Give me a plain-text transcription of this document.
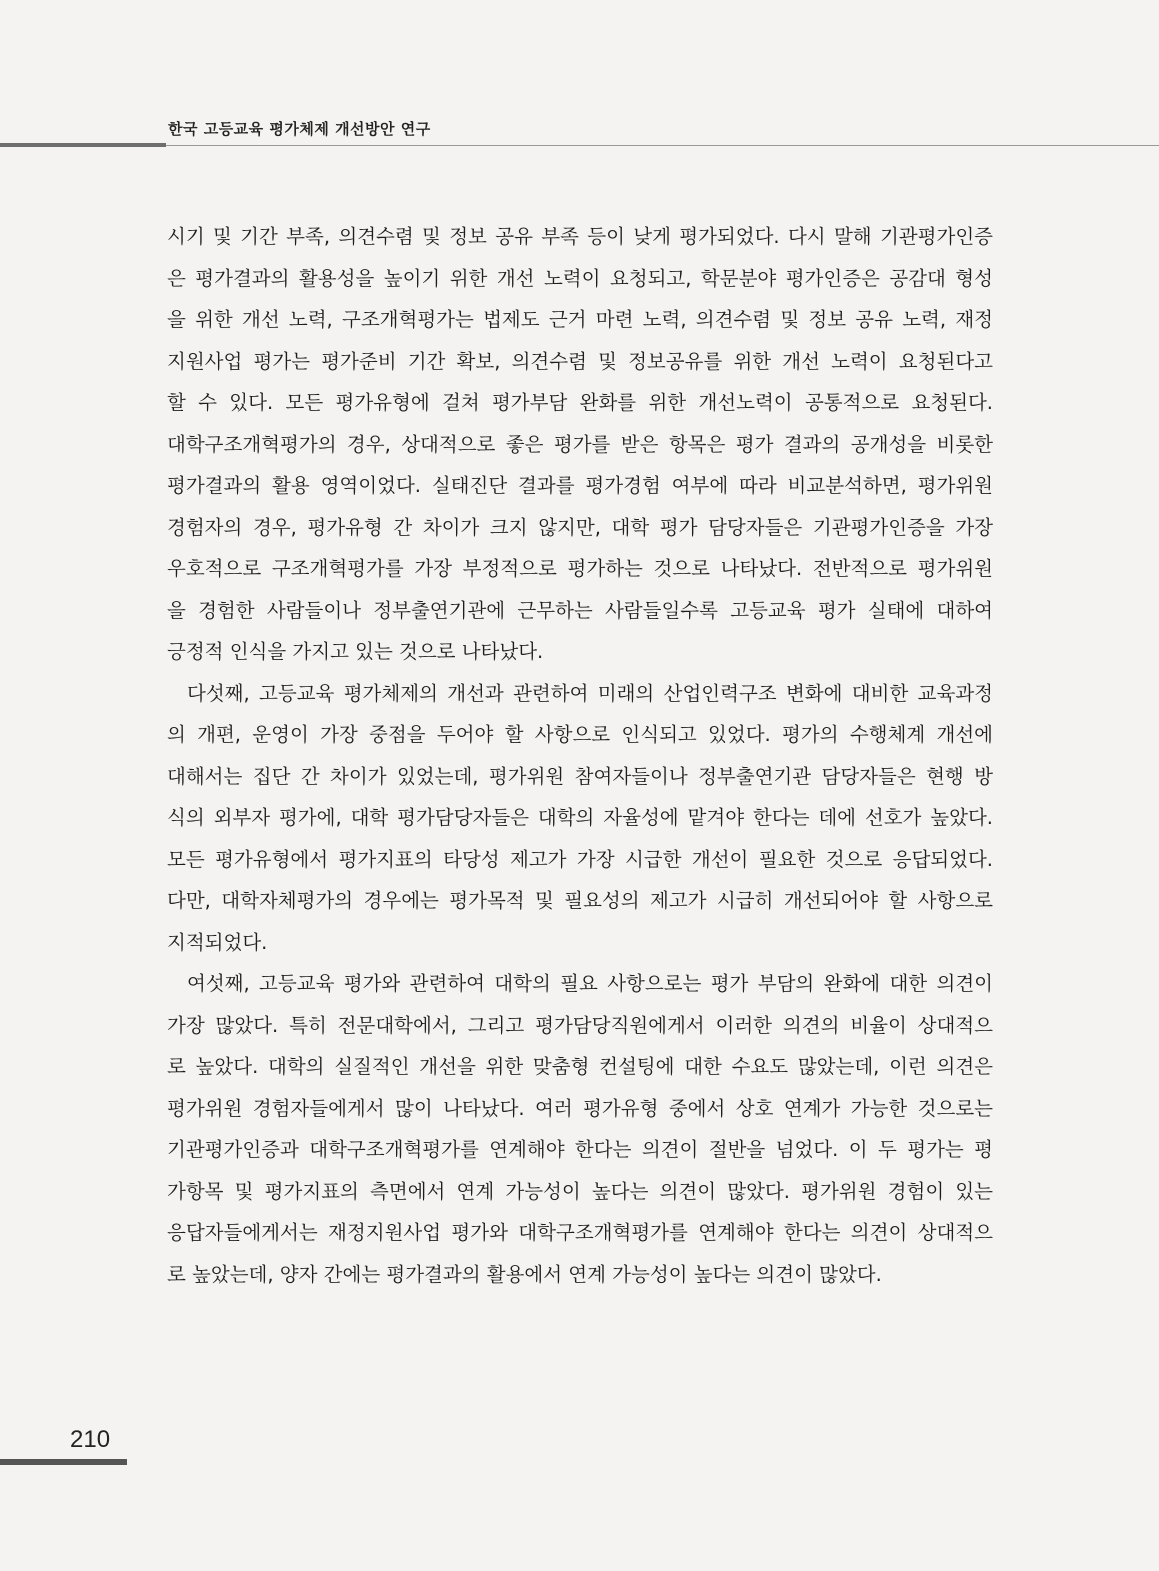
한국 고등교육 평가체제 개선방안 연구
시기 및 기간 부족, 의견수렴 및 정보 공유 부족 등이 낮게 평가되었다. 다시 말해 기관평가인증
은 평가결과의 활용성을 높이기 위한 개선 노력이 요청되고, 학문분야 평가인증은 공감대 형성
을 위한 개선 노력, 구조개혁평가는 법제도 근거 마련 노력, 의견수렴 및 정보 공유 노력, 재정
지원사업 평가는 평가준비 기간 확보, 의견수렴 및 정보공유를 위한 개선 노력이 요청된다고
할 수 있다. 모든 평가유형에 걸쳐 평가부담 완화를 위한 개선노력이 공통적으로 요청된다.
대학구조개혁평가의 경우, 상대적으로 좋은 평가를 받은 항목은 평가 결과의 공개성을 비롯한
평가결과의 활용 영역이었다. 실태진단 결과를 평가경험 여부에 따라 비교분석하면, 평가위원
경험자의 경우, 평가유형 간 차이가 크지 않지만, 대학 평가 담당자들은 기관평가인증을 가장
우호적으로 구조개혁평가를 가장 부정적으로 평가하는 것으로 나타났다. 전반적으로 평가위원
을 경험한 사람들이나 정부출연기관에 근무하는 사람들일수록 고등교육 평가 실태에 대하여
긍정적 인식을 가지고 있는 것으로 나타났다.
다섯째, 고등교육 평가체제의 개선과 관련하여 미래의 산업인력구조 변화에 대비한 교육과정
의 개편, 운영이 가장 중점을 두어야 할 사항으로 인식되고 있었다. 평가의 수행체계 개선에
대해서는 집단 간 차이가 있었는데, 평가위원 참여자들이나 정부출연기관 담당자들은 현행 방
식의 외부자 평가에, 대학 평가담당자들은 대학의 자율성에 맡겨야 한다는 데에 선호가 높았다.
모든 평가유형에서 평가지표의 타당성 제고가 가장 시급한 개선이 필요한 것으로 응답되었다.
다만, 대학자체평가의 경우에는 평가목적 및 필요성의 제고가 시급히 개선되어야 할 사항으로
지적되었다.
여섯째, 고등교육 평가와 관련하여 대학의 필요 사항으로는 평가 부담의 완화에 대한 의견이
가장 많았다. 특히 전문대학에서, 그리고 평가담당직원에게서 이러한 의견의 비율이 상대적으
로 높았다. 대학의 실질적인 개선을 위한 맞춤형 컨설팅에 대한 수요도 많았는데, 이런 의견은
평가위원 경험자들에게서 많이 나타났다. 여러 평가유형 중에서 상호 연계가 가능한 것으로는
기관평가인증과 대학구조개혁평가를 연계해야 한다는 의견이 절반을 넘었다. 이 두 평가는 평
가항목 및 평가지표의 측면에서 연계 가능성이 높다는 의견이 많았다. 평가위원 경험이 있는
응답자들에게서는 재정지원사업 평가와 대학구조개혁평가를 연계해야 한다는 의견이 상대적으
로 높았는데, 양자 간에는 평가결과의 활용에서 연계 가능성이 높다는 의견이 많았다.
210
